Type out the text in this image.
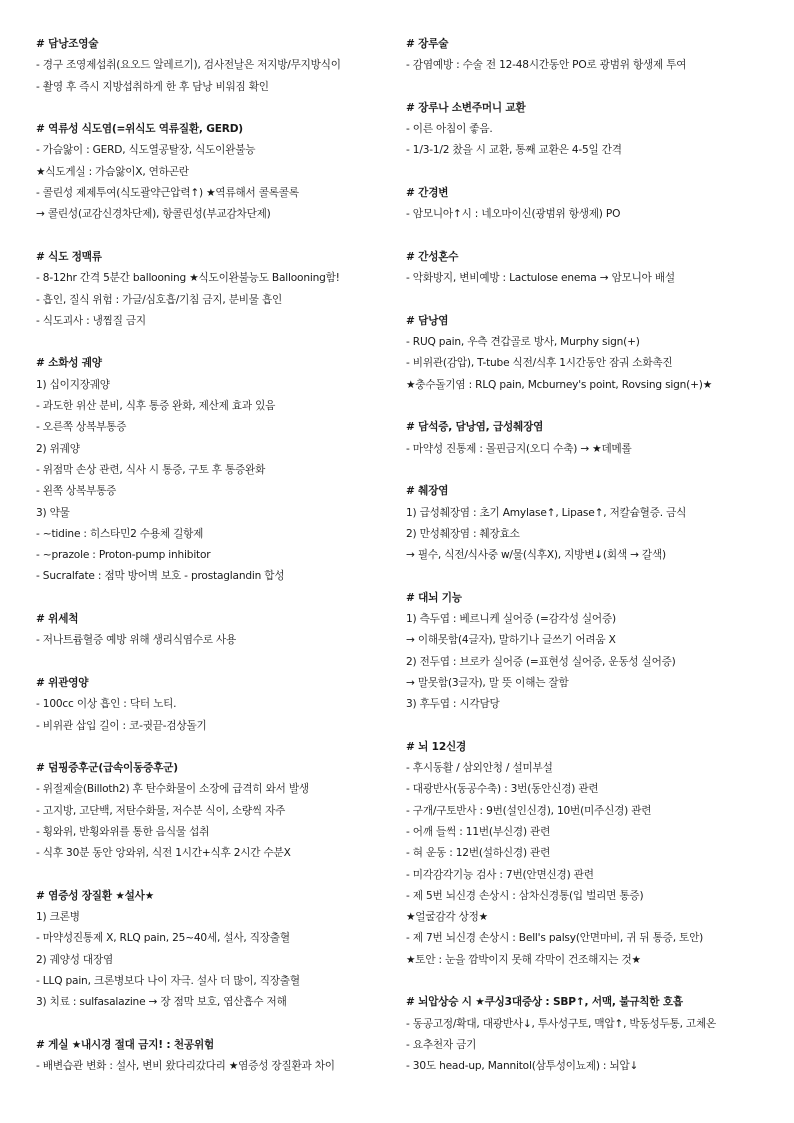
# 담낭조영술
- 경구 조영제섭취(요오드 알레르기), 검사전날은 저지방/무지방식이
- 촬영 후 즉시 지방섭취하게 한 후 담낭 비워짐 확인
# 역류성 식도염(=위식도 역류질환, GERD)
- 가슴앓이 : GERD, 식도열공탈장, 식도이완불능
★식도게실 : 가슴앓이X, 연하곤란
- 콜린성 제제투여(식도괄약근압력↑) ★역류해서 콜록콜록
→ 콜린성(교감신경차단제), 항콜린성(부교감차단제)
# 식도 정맥류
- 8-12hr 간격 5분간 ballooning ★식도이완불능도 Ballooning함!
- 흡인, 질식 위험 : 가글/심호흡/기침 금지, 분비물 흡인
- 식도괴사 : 냉찜질 금지
# 소화성 궤양
1) 십이지장궤양
- 과도한 위산 분비, 식후 통증 완화, 제산제 효과 있음
- 오른쪽 상복부통증
2) 위궤양
- 위점막 손상 관련, 식사 시 통증, 구토 후 통증완화
- 왼쪽 상복부통증
3) 약물
- ~tidine : 히스타민2 수용체 길항제
- ~prazole : Proton-pump inhibitor
- Sucralfate : 점막 방어벽 보호 - prostaglandin 합성
# 위세척
- 저나트륨혈증 예방 위해 생리식염수로 사용
# 위관영양
- 100cc 이상 흡인 : 닥터 노티.
- 비위관 삽입 길이 : 코-귓끝-검상돌기
# 덤핑증후군(급속이동증후군)
- 위절제술(Billoth2) 후 탄수화물이 소장에 급격히 와서 발생
- 고지방, 고단백, 저탄수화물, 저수분 식이, 소량씩 자주
- 횡와위, 반횡와위를 통한 음식물 섭취
- 식후 30분 동안 앙와위, 식전 1시간+식후 2시간 수분X
# 염증성 장질환 ★설사★
1) 크론병
- 마약성진통제 X, RLQ pain, 25~40세, 설사, 직장출혈
2) 궤양성 대장염
- LLQ pain, 크론병보다 나이 자극. 설사 더 많이, 직장출혈
3) 치료 : sulfasalazine → 장 점막 보호, 엽산흡수 저해
# 게실 ★내시경 절대 금지! : 천공위험
- 배변습관 변화 : 설사, 변비 왔다리갔다리 ★염증성 장질환과 차이
# 장루술
- 감염예방 : 수술 전 12-48시간동안 PO로 광범위 항생제 투여
# 장루나 소변주머니 교환
- 이른 아침이 좋음.
- 1/3-1/2 찼을 시 교환, 통째 교환은 4-5일 간격
# 간경변
- 암모니아↑시 : 네오마이신(광범위 항생제) PO
# 간성혼수
- 악화방지, 변비예방 : Lactulose enema → 암모니아 배설
# 담낭염
- RUQ pain, 우측 견갑골로 방사, Murphy sign(+)
- 비위관(감압), T-tube 식전/식후 1시간동안 잠궈 소화촉진
★충수돌기염 : RLQ pain, Mcburney's point, Rovsing sign(+)★
# 담석증, 담낭염, 급성췌장염
- 마약성 진통제 : 몰핀금지(오디 수축) → ★데메롤
# 췌장염
1) 급성췌장염 : 초기 Amylase↑, Lipase↑, 저칼슘혈증. 금식
2) 만성췌장염 : 췌장효소
→ 필수, 식전/식사중 w/물(식후X), 지방변↓(회색 → 갈색)
# 대뇌 기능
1) 측두엽 : 베르니케 실어증 (=감각성 실어증)
→ 이해못함(4글자), 말하기나 글쓰기 어려움 X
2) 전두엽 : 브로카 실어증 (=표현성 실어증, 운동성 실어증)
→ 말못함(3글자), 말 뜻 이해는 잘함
3) 후두엽 : 시각담당
# 뇌 12신경
- 후시동활 / 삼외안청 / 설미부설
- 대광반사(동공수축) : 3번(동안신경) 관련
- 구개/구토반사 : 9번(설인신경), 10번(미주신경) 관련
- 어깨 들썩 : 11번(부신경) 관련
- 혀 운동 : 12번(설하신경) 관련
- 미각감각기능 검사 : 7번(안면신경) 관련
- 제 5번 뇌신경 손상시 : 삼차신경통(입 벌리면 통증)
★얼굴감각 상정★
- 제 7번 뇌신경 손상시 : Bell's palsy(안면마비, 귀 뒤 통증, 토안)
★토안 : 눈을 깜박이지 못해 각막이 건조해지는 것★
# 뇌압상승 시 ★쿠싱3대증상 : SBP↑, 서맥, 불규칙한 호흡
- 동공고정/확대, 대광반사↓, 투사성구토, 맥압↑, 박동성두통, 고체온
- 요추천자 금기
- 30도 head-up, Mannitol(삼투성이뇨제) : 뇌압↓
